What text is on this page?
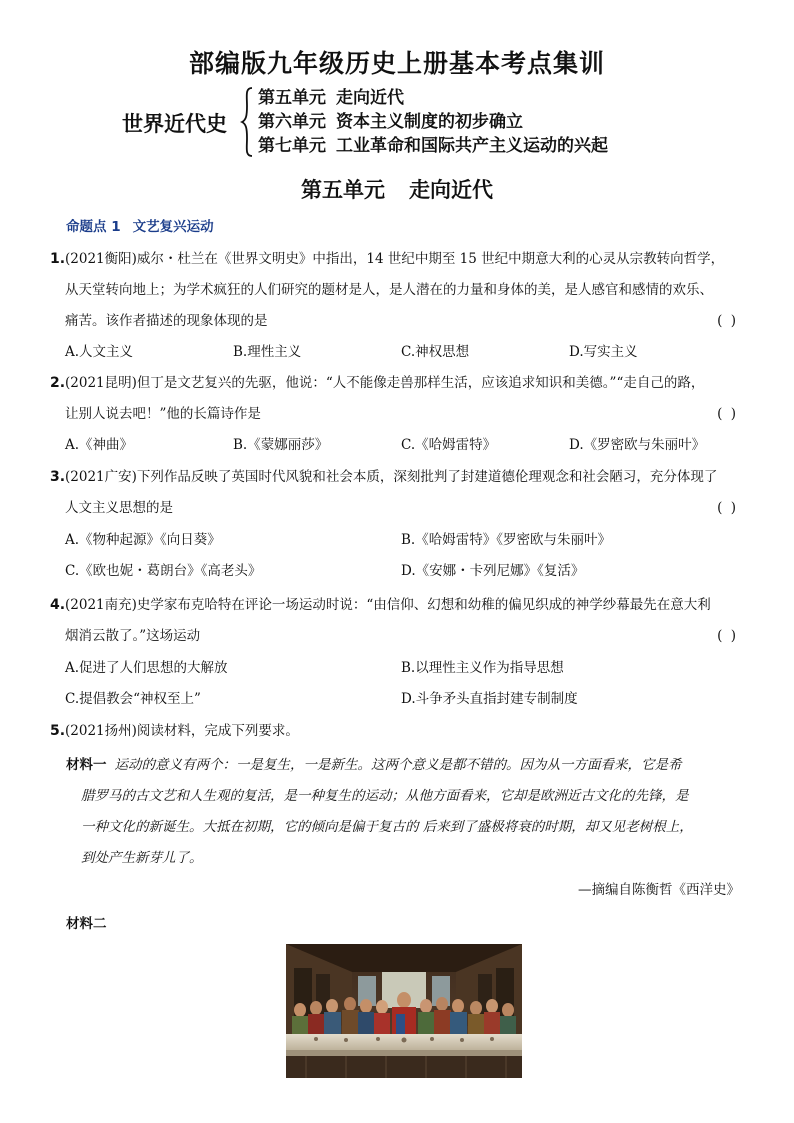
部编版九年级历史上册基本考点集训
世界近代史
第五单元 走向近代
第六单元 资本主义制度的初步确立
第七单元 工业革命和国际共产主义运动的兴起
第五单元 走向近代
命题点 1 文艺复兴运动
1.(2021衡阳)威尔・杜兰在《世界文明史》中指出，14 世纪中期至 15 世纪中期意大利的心灵从宗教转向哲学，
从天堂转向地上；为学术疯狂的人们研究的题材是人，是人潜在的力量和身体的美，是人感官和感情的欢乐、
痛苦。该作者描述的现象体现的是	( )
A.人文主义	B.理性主义	C.神权思想	D.写实主义
2.(2021昆明)但丁是文艺复兴的先驱，他说：“人不能像走兽那样生活，应该追求知识和美德。”“走自己的路，
让别人说去吧！”他的长篇诗作是	( )
A.《神曲》	B.《蒙娜丽莎》	C.《哈姆雷特》	D.《罗密欧与朱丽叶》
3.(2021广安)下列作品反映了英国时代风貌和社会本质，深刻批判了封建道德伦理观念和社会陋习，充分体现了
人文主义思想的是	( )
A.《物种起源》《向日葵》	B.《哈姆雷特》《罗密欧与朱丽叶》
C.《欧也妮・葛朗台》《高老头》	D.《安娜・卡列尼娜》《复活》
4.(2021南充)史学家布克哈特在评论一场运动时说：“由信仰、幻想和幼稚的偏见织成的神学纱幕最先在意大利
烟消云散了。”这场运动	( )
A.促进了人们思想的大解放	B.以理性主义作为指导思想
C.提倡教会“神权至上”	D.斗争矛头直指封建专制制度
5.(2021扬州)阅读材料，完成下列要求。
材料一 运动的意义有两个：一是复生，一是新生。这两个意义是都不错的。因为从一方面看来，它是希
腊罗马的古文艺和人生观的复活，是一种复生的运动；从他方面看来，它却是欧洲近古文化的先锋，是
一种文化的新诞生。大抵在初期，它的倾向是偏于复古的 后来到了盛极将衰的时期，却又见老树根上，
到处产生新芽儿了。
—摘编自陈衡哲《西洋史》
材料二
